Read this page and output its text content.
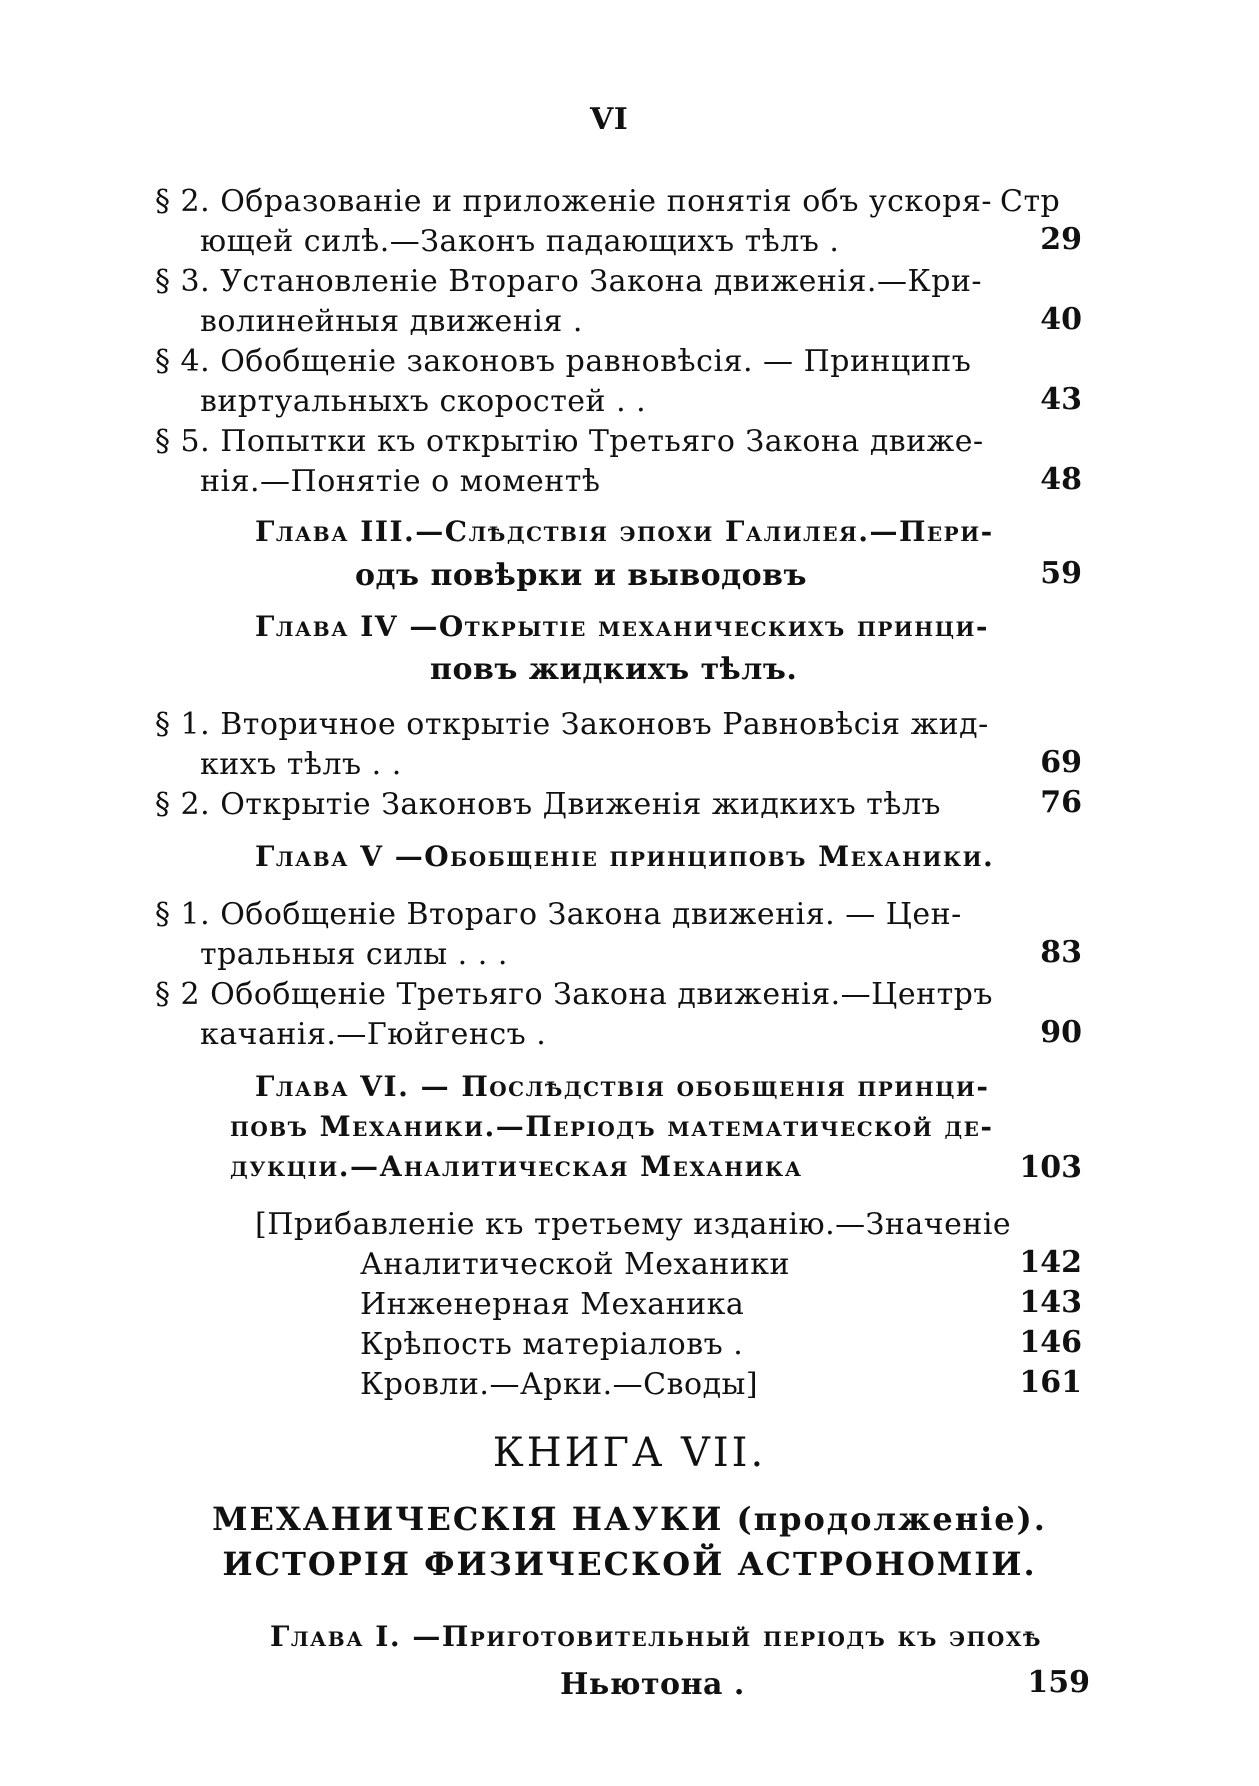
VI
Стр
§ 2. Образованіе и приложеніе понятія объ ускоря-
ющей силѣ.—Законъ падающихъ тѣлъ .	29
§ 3. Установленіе Втораго Закона движенія.—Кри-
волинейныя движенія .	40
§ 4. Обобщеніе законовъ равновѣсія. — Принципъ
виртуальныхъ скоростей . .	43
§ 5. Попытки къ открытію Третьяго Закона движе-
нія.—Понятіе о моментѣ	48
Глава III.—Слѣдствія эпохи Галилея.—Пери-
одъ повѣрки и выводовъ	59
Глава IV —Открытіе механическихъ принци-
повъ жидкихъ тѣлъ.
§ 1. Вторичное открытіе Законовъ Равновѣсія жид-
кихъ тѣлъ . .	69
§ 2. Открытіе Законовъ Движенія жидкихъ тѣлъ	76
Глава V —Обобщеніе принциповъ Механики.
§ 1. Обобщеніе Втораго Закона движенія. — Цен-
тральныя силы . . .	83
§ 2 Обобщеніе Третьяго Закона движенія.—Центръ
качанія.—Гюйгенсъ .	90
Глава VI. — Послѣдствія обобщенія принци-
повъ Механики.—Періодъ математической де-
дукціи.—Аналитическая Механика	103
[Прибавленіе къ третьему изданію.—Значеніе
Аналитической Механики	142
Инженерная Механика	143
Крѣпость матеріаловъ .	146
Кровли.—Арки.—Своды]	161
КНИГА VII.
МЕХАНИЧЕСКІЯ НАУКИ (продолженіе).
ИСТОРІЯ ФИЗИЧЕСКОЙ АСТРОНОМІИ.
Глава I. —Приготовительный періодъ къ эпохѣ
Ньютона .	159
